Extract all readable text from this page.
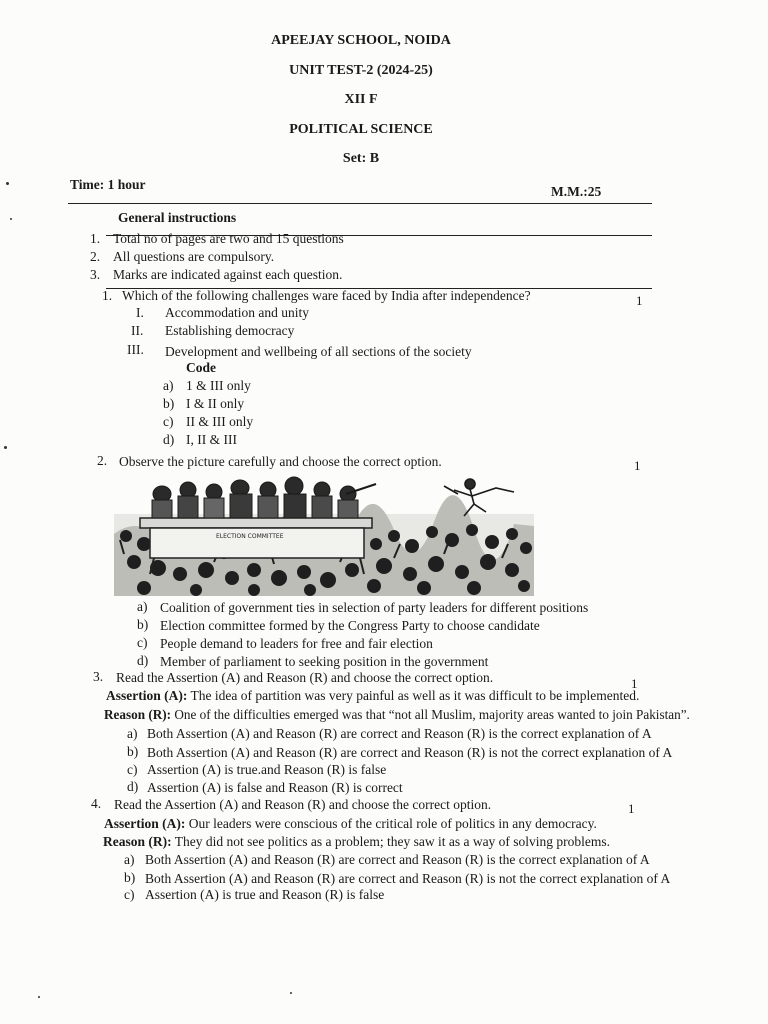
APEEJAY SCHOOL, NOIDA
UNIT TEST-2 (2024-25)
XII F
POLITICAL SCIENCE
Set: B
Time: 1 hour	M.M.:25
General instructions
1. Total no of pages are two and 15 questions
2. All questions are compulsory.
3. Marks are indicated against each question.
1. Which of the following challenges ware faced by India after independence?	1
I. Accommodation and unity
II. Establishing democracy
III. Development and wellbeing of all sections of the society
Code
a) 1 & III only
b) I & II only
c) II & III only
d) I, II & III
2. Observe the picture carefully and choose the correct option.	1
ELECTION COMMITTEE
a) Coalition of government ties in selection of party leaders for different positions
b) Election committee formed by the Congress Party to choose candidate
c) People demand to leaders for free and fair election
d) Member of parliament to seeking position in the government
3. Read the Assertion (A) and Reason (R) and choose the correct option.	1
Assertion (A): The idea of partition was very painful as well as it was difficult to be implemented.
Reason (R): One of the difficulties emerged was that “not all Muslim, majority areas wanted to join Pakistan”.
a) Both Assertion (A) and Reason (R) are correct and Reason (R) is the correct explanation of A
b) Both Assertion (A) and Reason (R) are correct and Reason (R) is not the correct explanation of A
c) Assertion (A) is true.and Reason (R) is false
d) Assertion (A) is false and Reason (R) is correct
4. Read the Assertion (A) and Reason (R) and choose the correct option.	1
Assertion (A): Our leaders were conscious of the critical role of politics in any democracy.
Reason (R): They did not see politics as a problem; they saw it as a way of solving problems.
a) Both Assertion (A) and Reason (R) are correct and Reason (R) is the correct explanation of A
b) Both Assertion (A) and Reason (R) are correct and Reason (R) is not the correct explanation of A
c) Assertion (A) is true and Reason (R) is false
